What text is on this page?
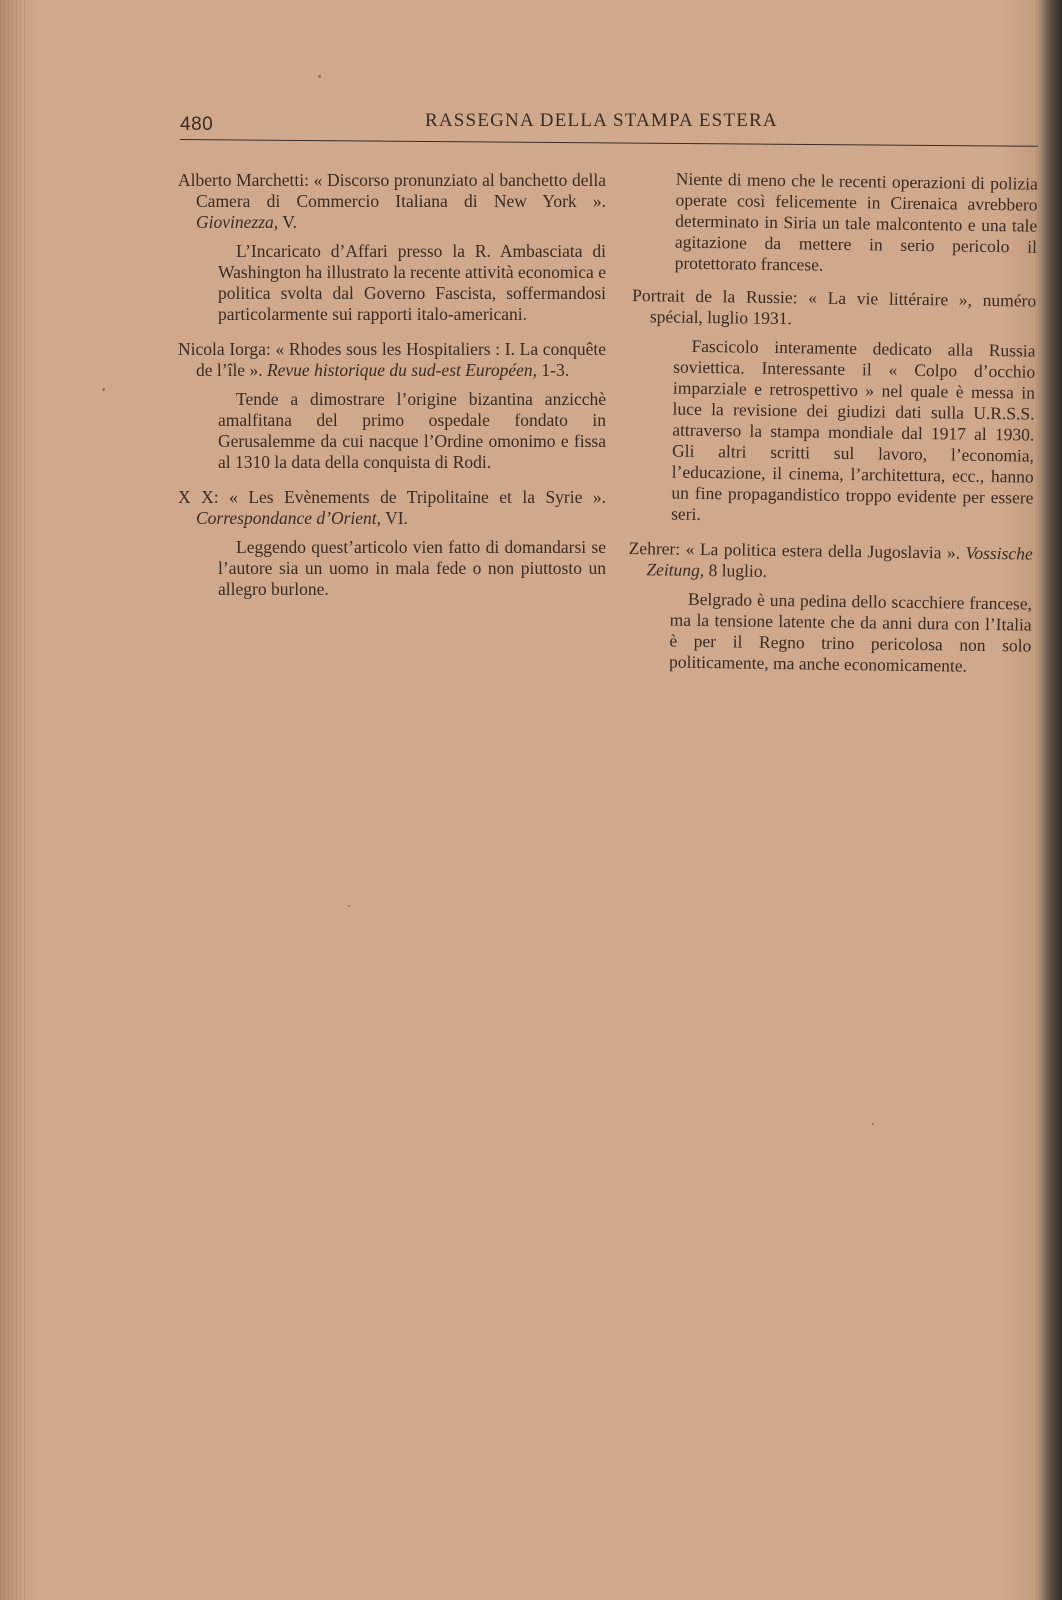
480	RASSEGNA DELLA STAMPA ESTERA

Alberto Marchetti: « Discorso pronunziato al banchetto della Camera di Commercio Italiana di New York ». Giovinezza, V.

L’Incaricato d’Affari presso la R. Ambasciata di Washington ha illustrato la recente attività economica e politica svolta dal Governo Fascista, soffermandosi particolarmente sui rapporti italo-americani.

Nicola Iorga: « Rhodes sous les Hospitaliers : I. La conquête de l’île ». Revue historique du sud-est Européen, 1-3.

Tende a dimostrare l’origine bizantina anzicchè amalfitana del primo ospedale fondato in Gerusalemme da cui nacque l’Ordine omonimo e fissa al 1310 la data della conquista di Rodi.

X X: « Les Evènements de Tripolitaine et la Syrie ». Correspondance d’Orient, VI.

Leggendo quest’articolo vien fatto di domandarsi se l’autore sia un uomo in mala fede o non piuttosto un allegro burlone.

Niente di meno che le recenti operazioni di polizia operate così felicemente in Cirenaica avrebbero determinato in Siria un tale malcontento e una tale agitazione da mettere in serio pericolo il protettorato francese.

Portrait de la Russie: « La vie littéraire », numéro spécial, luglio 1931.

Fascicolo interamente dedicato alla Russia soviettica. Interessante il « Colpo d’occhio imparziale e retrospettivo » nel quale è messa in luce la revisione dei giudizi dati sulla U.R.S.S. attraverso la stampa mondiale dal 1917 al 1930. Gli altri scritti sul lavoro, l’economia, l’educazione, il cinema, l’architettura, ecc., hanno un fine propagandistico troppo evidente per essere seri.

Zehrer: « La politica estera della Jugoslavia ». Vossische Zeitung, 8 luglio.

Belgrado è una pedina dello scacchiere francese, ma la tensione latente che da anni dura con l’Italia è per il Regno trino pericolosa non solo politicamente, ma anche economicamente.
